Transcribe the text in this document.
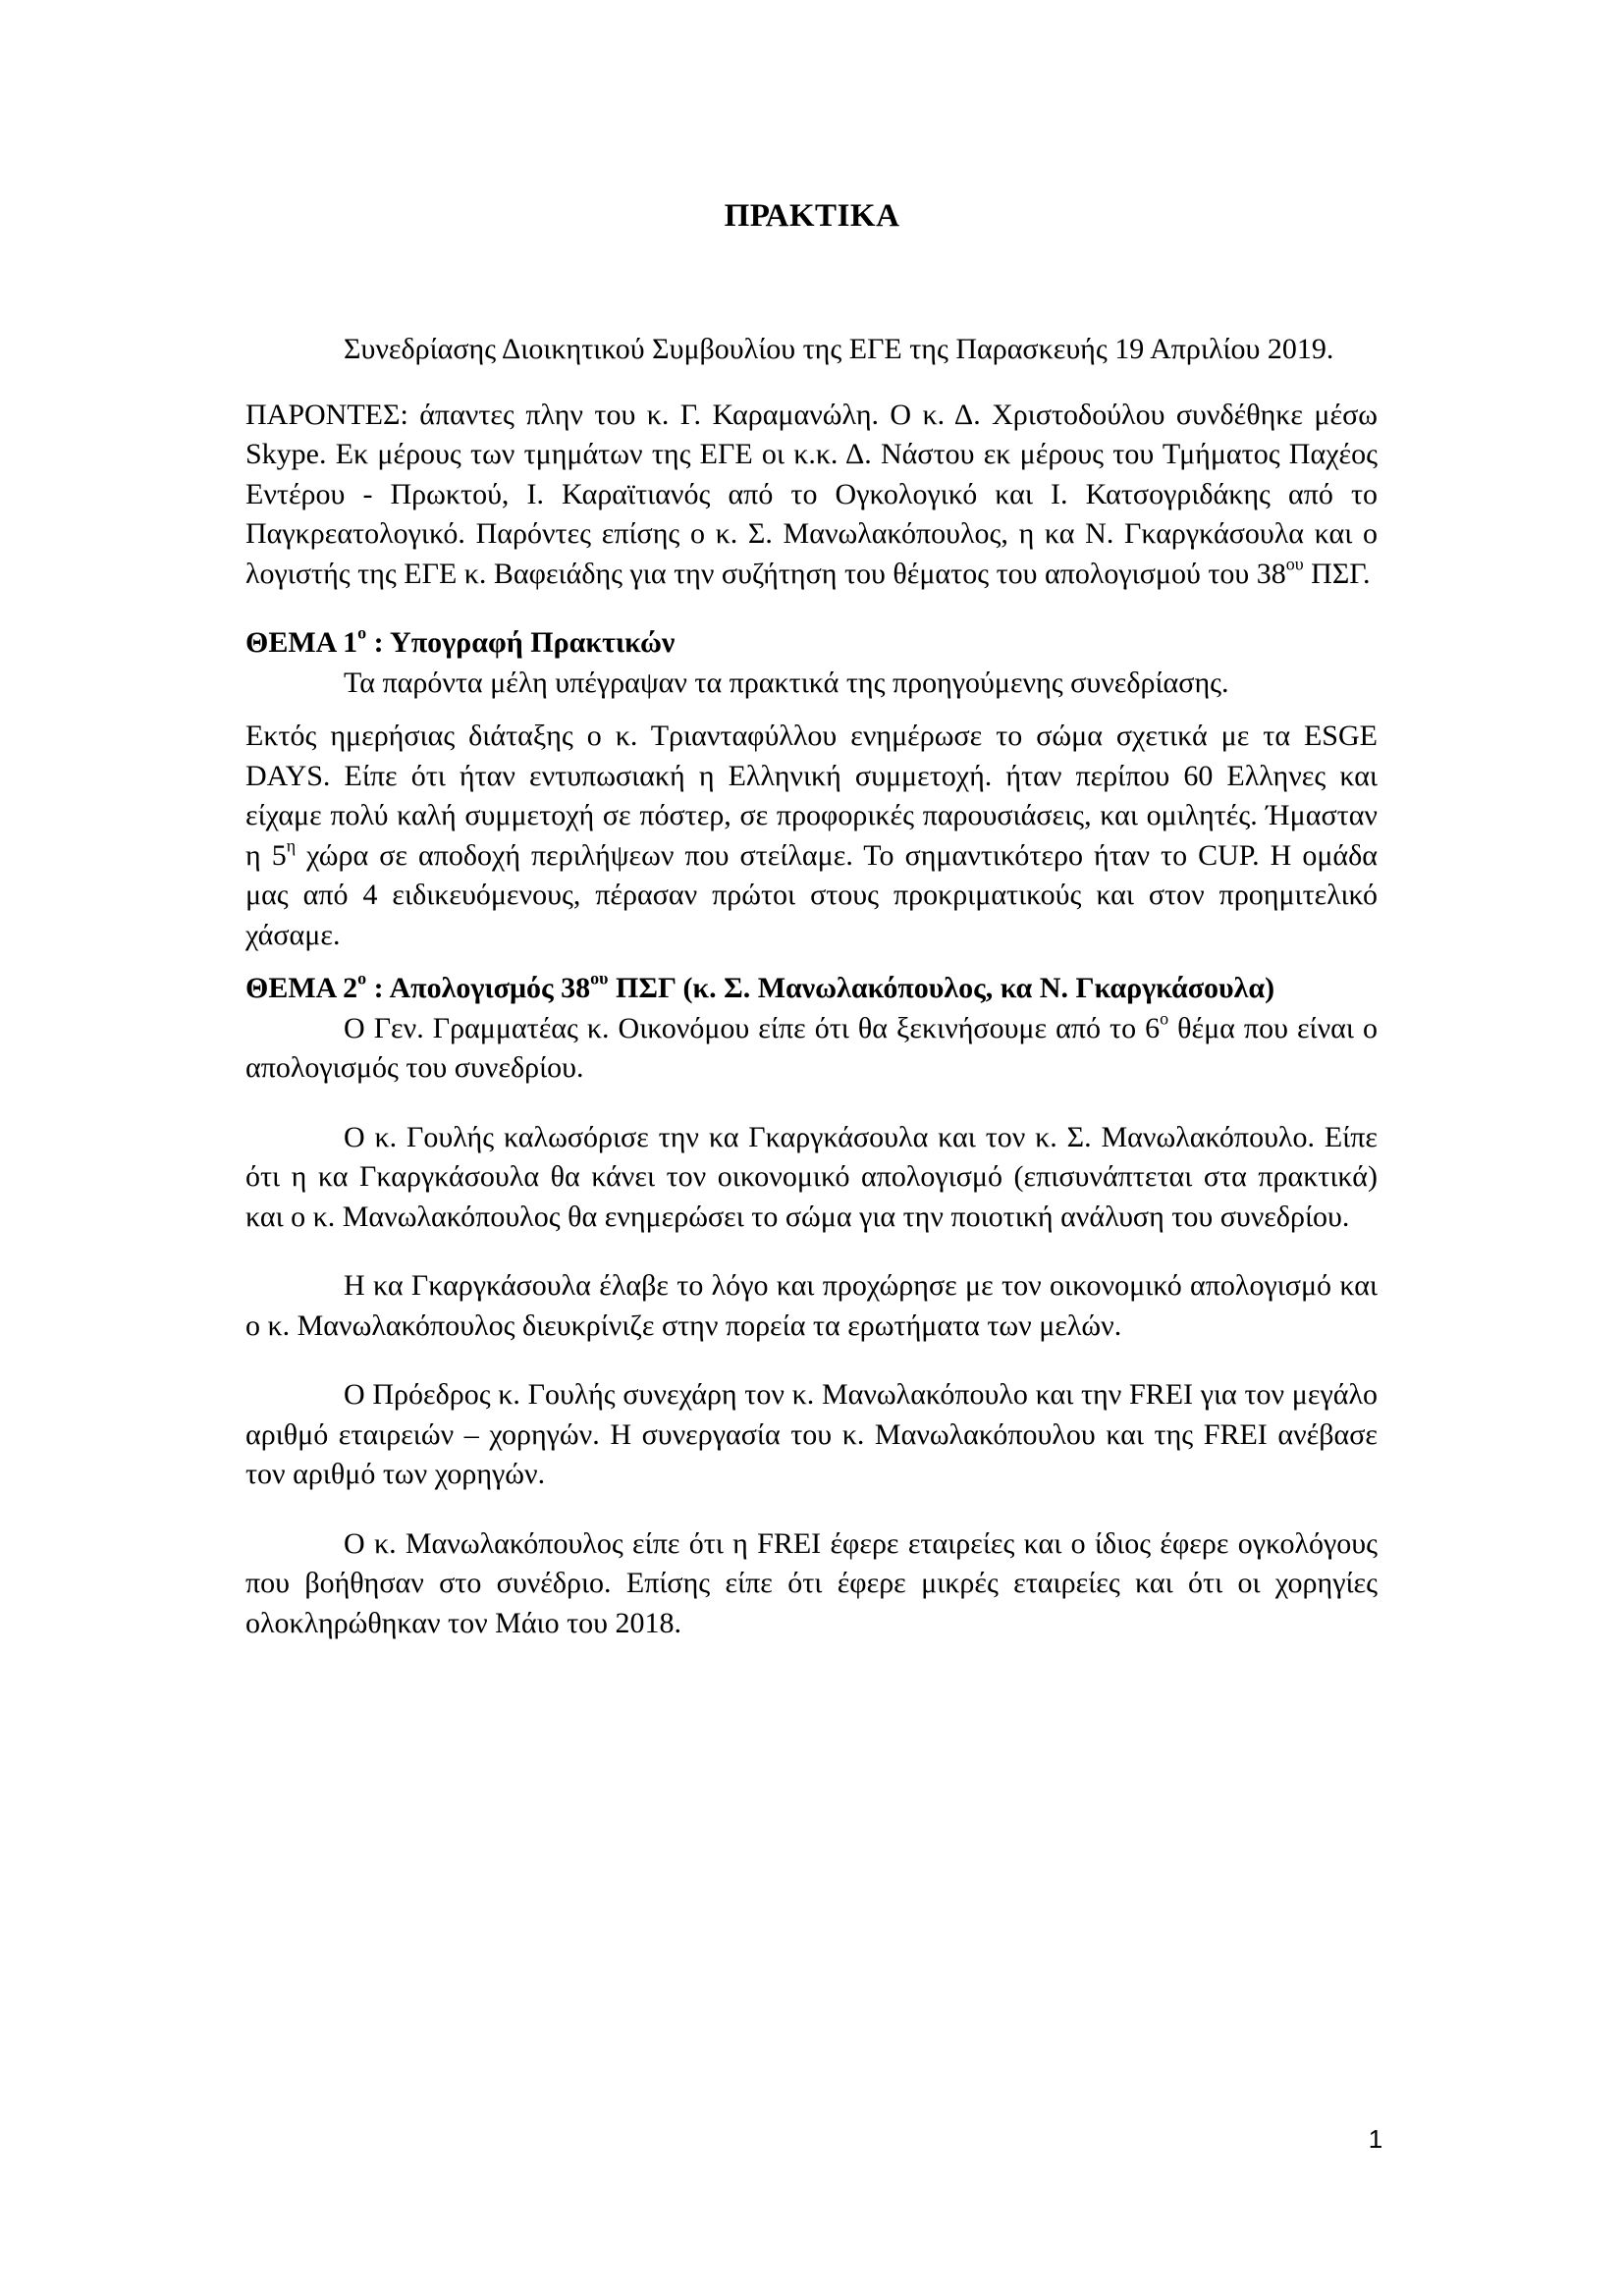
ΠΡΑΚΤΙΚΑ

Συνεδρίασης Διοικητικού Συμβουλίου της ΕΓΕ της Παρασκευής 19 Απριλίου 2019.

ΠΑΡΟΝΤΕΣ: άπαντες πλην του κ. Γ. Καραμανώλη. Ο κ. Δ. Χριστοδούλου συνδέθηκε μέσω Skype. Εκ μέρους των τμημάτων της ΕΓΕ οι κ.κ. Δ. Νάστου εκ μέρους του Τμήματος Παχέος Εντέρου - Πρωκτού, Ι. Καραϊτιανός από το Ογκολογικό και Ι. Κατσογριδάκης από το Παγκρεατολογικό. Παρόντες επίσης ο κ. Σ. Μανωλακόπουλος, η κα Ν. Γκαργκάσουλα και ο λογιστής της ΕΓΕ κ. Βαφειάδης για την συζήτηση του θέματος του απολογισμού του $38^{o\upsilon}$ ΠΣΓ.

ΘΕΜΑ $1^o$ : Υπογραφή Πρακτικών

Τα παρόντα μέλη υπέγραψαν τα πρακτικά της προηγούμενης συνεδρίασης.

Εκτός ημερήσιας διάταξης ο κ. Τριανταφύλλου ενημέρωσε το σώμα σχετικά με τα ESGE DAYS. Είπε ότι ήταν εντυπωσιακή η Ελληνική συμμετοχή. ήταν περίπου 60 Ελληνες και είχαμε πολύ καλή συμμετοχή σε πόστερ, σε προφορικές παρουσιάσεις, και ομιλητές. Ήμασταν η $5^\eta$ χώρα σε αποδοχή περιλήψεων που στείλαμε. Το σημαντικότερο ήταν το CUP. Η ομάδα μας από 4 ειδικευόμενους, πέρασαν πρώτοι στους προκριματικούς και στον προημιτελικό χάσαμε.

ΘΕΜΑ $2^o$ : Απολογισμός $38^{o\upsilon}$ ΠΣΓ (κ. Σ. Μανωλακόπουλος, κα Ν. Γκαργκάσουλα)

Ο Γεν. Γραμματέας κ. Οικονόμου είπε ότι θα ξεκινήσουμε από το $6^o$ θέμα που είναι ο απολογισμός του συνεδρίου.

Ο κ. Γουλής καλωσόρισε την κα Γκαργκάσουλα και τον κ. Σ. Μανωλακόπουλο. Είπε ότι η κα Γκαργκάσουλα θα κάνει τον οικονομικό απολογισμό (επισυνάπτεται στα πρακτικά) και ο κ. Μανωλακόπουλος θα ενημερώσει το σώμα για την ποιοτική ανάλυση του συνεδρίου.

Η κα Γκαργκάσουλα έλαβε το λόγο και προχώρησε με τον οικονομικό απολογισμό και ο κ. Μανωλακόπουλος διευκρίνιζε στην πορεία τα ερωτήματα των μελών.

Ο Πρόεδρος κ. Γουλής συνεχάρη τον κ. Μανωλακόπουλο και την FREI για τον μεγάλο αριθμό εταιρειών – χορηγών. Η συνεργασία του κ. Μανωλακόπουλου και της FREI ανέβασε τον αριθμό των χορηγών.

Ο κ. Μανωλακόπουλος είπε ότι η FREI έφερε εταιρείες και ο ίδιος έφερε ογκολόγους που βοήθησαν στο συνέδριο. Επίσης είπε ότι έφερε μικρές εταιρείες και ότι οι χορηγίες ολοκληρώθηκαν τον Μάιο του 2018.

1
